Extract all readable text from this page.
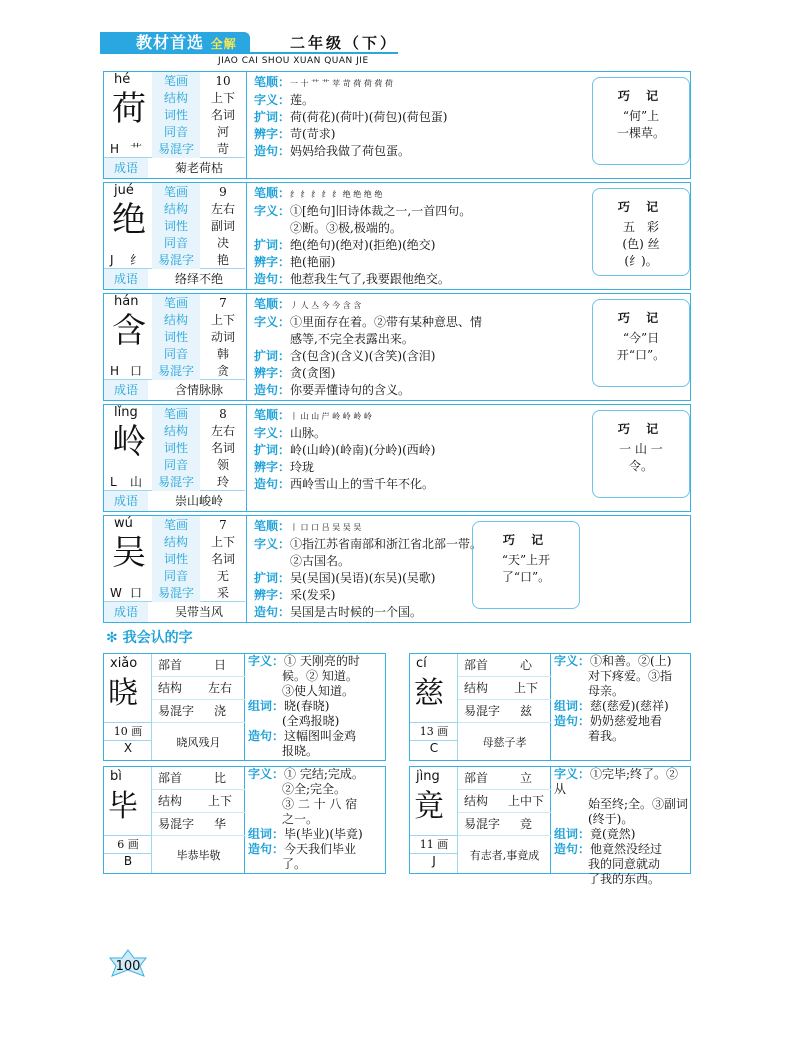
教材首选 全解	二年级（下）
JIAO CAI SHOU XUAN QUAN JIE
hé
荷
笔画	10
结构	上下
词性	名词
同音	河
H 艹	易混字	苛
成语	菊老荷枯
笔顺：一 十 艹 艹 苹 苛 荷 荷 荷 荷
字义：莲。
扩词：荷(荷花)(荷叶)(荷包)(荷包蛋)
辨字：苛(苛求)
造句：妈妈给我做了荷包蛋。
巧 记
“何”上
一棵草。
jué
绝
笔画	9
结构	左右
词性	副词
同音	决
J 纟	易混字	艳
成语	络绎不绝
笔顺：纟 纟 纟 纟 纟 绝 绝 绝 绝
字义：①[绝句]旧诗体裁之一,一首四句。
②断。③极,极端的。
扩词：绝(绝句)(绝对)(拒绝)(绝交)
辨字：艳(艳丽)
造句：他惹我生气了,我要跟他绝交。
巧 记
五　彩
(色) 丝
(纟)。
hán
含
笔画	7
结构	上下
词性	动词
同音	韩
H 口	易混字	贪
成语	含情脉脉
笔顺：丿 人 亼 今 今 含 含
字义：①里面存在着。②带有某种意思、情
感等,不完全表露出来。
扩词：含(包含)(含义)(含笑)(含泪)
辨字：贪(贪图)
造句：你要弄懂诗句的含义。
巧 记
“今”日
开“口”。
lǐng
岭
笔画	8
结构	左右
词性	名词
同音	领
L 山	易混字	玲
成语	崇山峻岭
笔顺：丨 山 山 屵 岭 岭 岭 岭
字义：山脉。
扩词：岭(山岭)(岭南)(分岭)(西岭)
辨字：玲珑
造句：西岭雪山上的雪千年不化。
巧 记
一 山 一
令。
wú
吴
笔画	7
结构	上下
词性	名词
同音	无
W 口	易混字	采
成语	吴带当风
笔顺：丨 口 口 吕 吴 吴 吴
字义：①指江苏省南部和浙江省北部一带。
②古国名。
扩词：吴(吴国)(吴语)(东吴)(吴歌)
辨字：采(发采)
造句：吴国是古时候的一个国。
巧 记
“天”上开
了“口”。
✻ 我会认的字
xiǎo
晓
10 画
X
部首	日
结构	左右
易混字	浇
晓风残月
字义：① 天刚亮的时
候。② 知道。
③使人知道。
组词：晓(春晓)
(全鸡报晓)
造句：这幅图叫金鸡
报晓。
cí
慈
13 画
C
部首	心
结构	上下
易混字	兹
母慈子孝
字义：①和善。②(上)
对下疼爱。③指
母亲。
组词：慈(慈爱)(慈祥)
造句：奶奶慈爱地看
着我。
bì
毕
6 画
B
部首	比
结构	上下
易混字	华
毕恭毕敬
字义：① 完结;完成。
②全;完全。
③ 二 十 八 宿
之一。
组词：毕(毕业)(毕竟)
造句：今天我们毕业
了。
jìng
竟
11 画
J
部首	立
结构 上中下
易混字	竞
有志者,事竟成
字义：①完毕;终了。②从
始至终;全。③副词
(终于)。
组词：竟(竟然)
造句：他竟然没经过
我的同意就动
了我的东西。
100
